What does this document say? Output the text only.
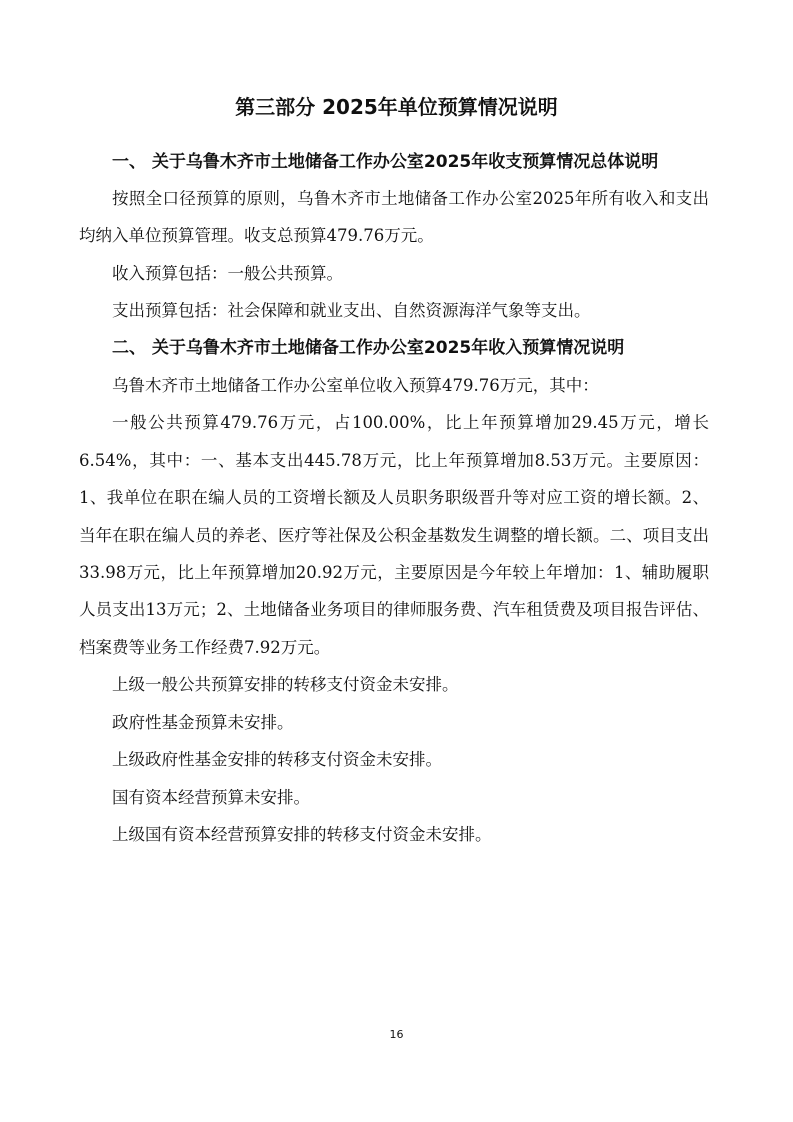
第三部分 2025年单位预算情况说明

一、 关于乌鲁木齐市土地储备工作办公室2025年收支预算情况总体说明

按照全口径预算的原则，乌鲁木齐市土地储备工作办公室2025年所有收入和支出均纳入单位预算管理。收支总预算479.76万元。

收入预算包括：一般公共预算。

支出预算包括：社会保障和就业支出、自然资源海洋气象等支出。

二、 关于乌鲁木齐市土地储备工作办公室2025年收入预算情况说明

乌鲁木齐市土地储备工作办公室单位收入预算479.76万元，其中：

一般公共预算479.76万元，占100.00%，比上年预算增加29.45万元，增长6.54%，其中：一、基本支出445.78万元，比上年预算增加8.53万元。主要原因：1、我单位在职在编人员的工资增长额及人员职务职级晋升等对应工资的增长额。2、当年在职在编人员的养老、医疗等社保及公积金基数发生调整的增长额。二、项目支出33.98万元，比上年预算增加20.92万元，主要原因是今年较上年增加：1、辅助履职人员支出13万元；2、土地储备业务项目的律师服务费、汽车租赁费及项目报告评估、档案费等业务工作经费7.92万元。

上级一般公共预算安排的转移支付资金未安排。

政府性基金预算未安排。

上级政府性基金安排的转移支付资金未安排。

国有资本经营预算未安排。

上级国有资本经营预算安排的转移支付资金未安排。

16
